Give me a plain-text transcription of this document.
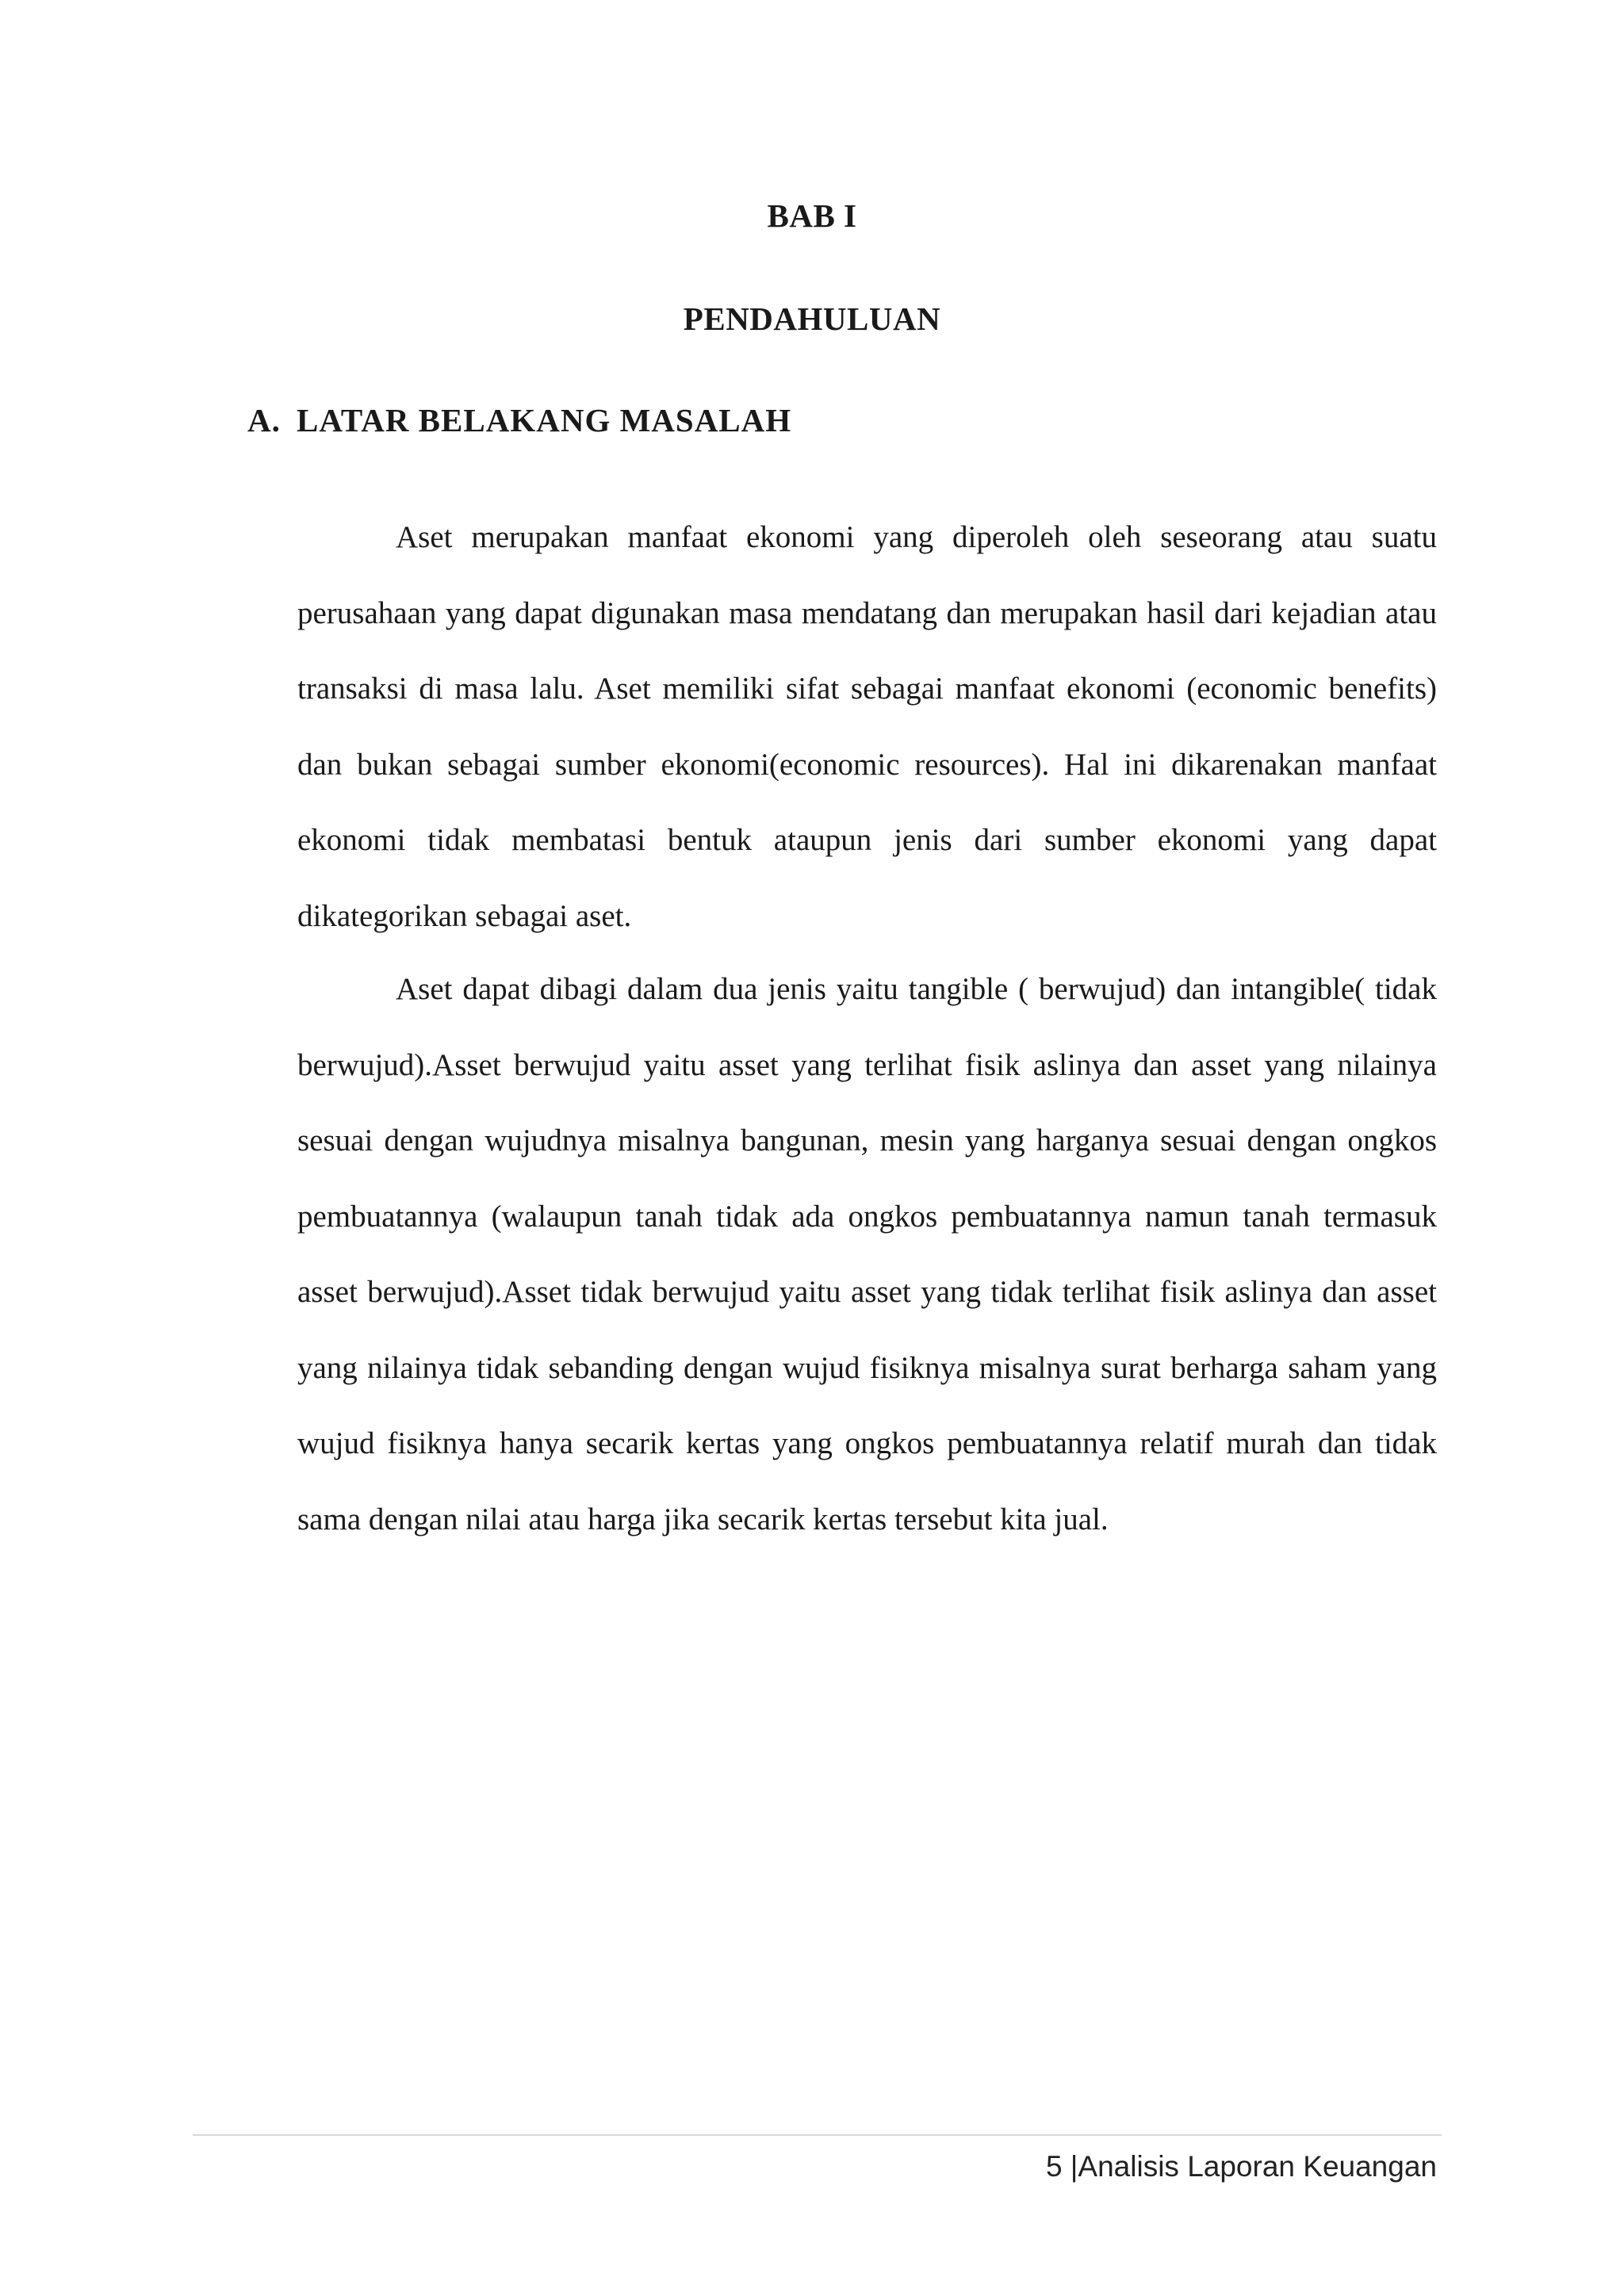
BAB I
PENDAHULUAN
A. LATAR BELAKANG MASALAH

Aset merupakan manfaat ekonomi yang diperoleh oleh seseorang atau suatu perusahaan yang dapat digunakan masa mendatang dan merupakan hasil dari kejadian atau transaksi di masa lalu. Aset memiliki sifat sebagai manfaat ekonomi (economic benefits) dan bukan sebagai sumber ekonomi(economic resources). Hal ini dikarenakan manfaat ekonomi tidak membatasi bentuk ataupun jenis dari sumber ekonomi yang dapat dikategorikan sebagai aset.

Aset dapat dibagi dalam dua jenis yaitu tangible ( berwujud) dan intangible( tidak berwujud).Asset berwujud yaitu asset yang terlihat fisik aslinya dan asset yang nilainya sesuai dengan wujudnya misalnya bangunan, mesin yang harganya sesuai dengan ongkos pembuatannya (walaupun tanah tidak ada ongkos pembuatannya namun tanah termasuk asset berwujud).Asset tidak berwujud yaitu asset yang tidak terlihat fisik aslinya dan asset yang nilainya tidak sebanding dengan wujud fisiknya misalnya surat berharga saham yang wujud fisiknya hanya secarik kertas yang ongkos pembuatannya relatif murah dan tidak sama dengan nilai atau harga jika secarik kertas tersebut kita jual.

5 |Analisis Laporan Keuangan
